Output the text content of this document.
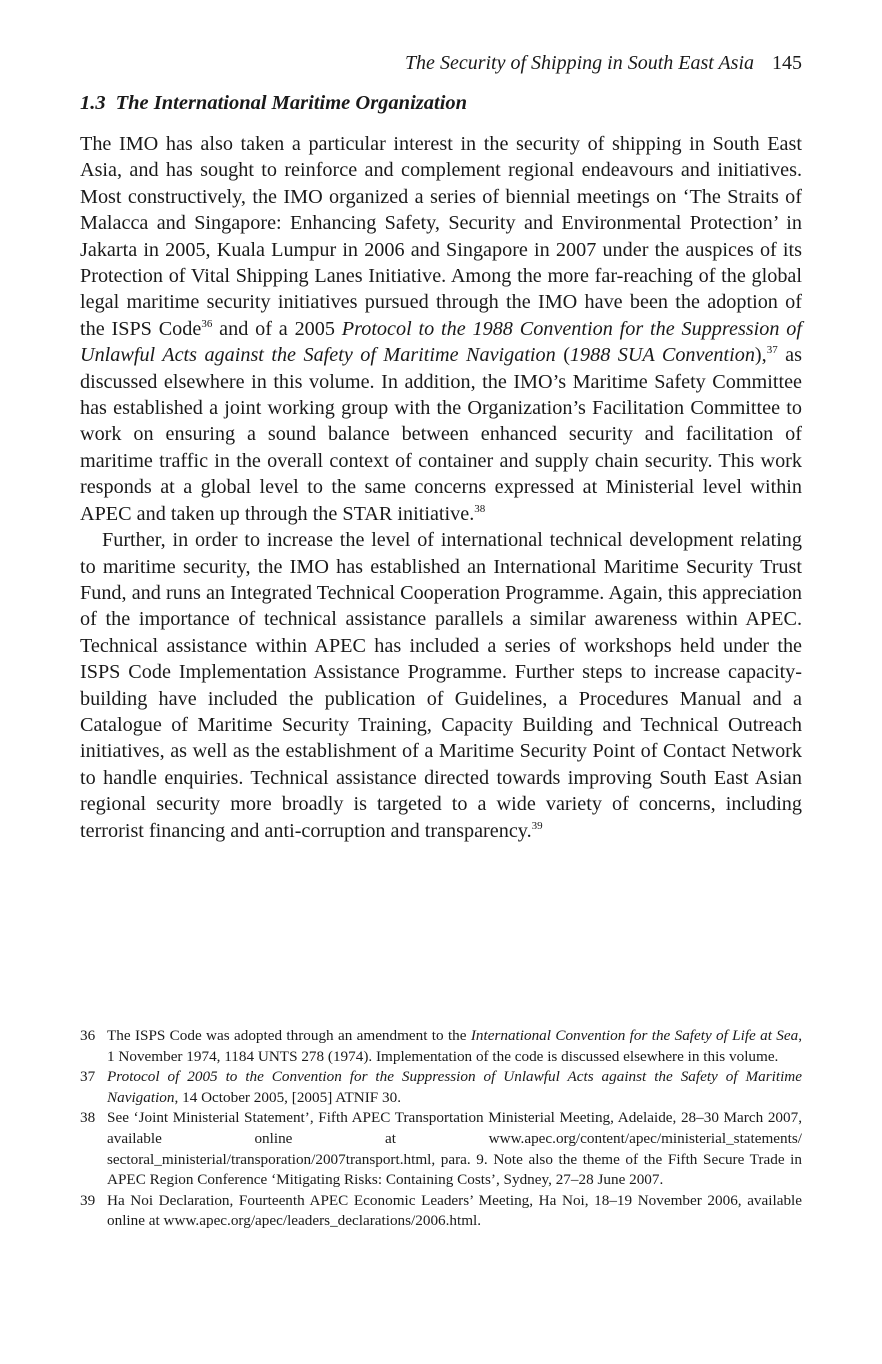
The Security of Shipping in South East Asia 145
1.3 The International Maritime Organization

The IMO has also taken a particular interest in the security of shipping in South East Asia, and has sought to reinforce and complement regional endeavours and initiatives. Most constructively, the IMO organized a series of biennial meetings on ‘The Straits of Malacca and Singapore: Enhancing Safety, Security and Environmental Protection’ in Jakarta in 2005, Kuala Lumpur in 2006 and Singapore in 2007 under the auspices of its Protection of Vital Shipping Lanes Initiative. Among the more far-reaching of the global legal maritime security initiatives pursued through the IMO have been the adoption of the ISPS Code$^{36}$ and of a 2005 Protocol to the 1988 Convention for the Suppression of Unlawful Acts against the Safety of Maritime Navigation (1988 SUA Convention),$^{37}$ as discussed elsewhere in this volume. In addition, the IMO’s Maritime Safety Committee has established a joint working group with the Organization’s Facilitation Committee to work on ensuring a sound balance between enhanced security and facilitation of maritime traffic in the overall context of container and supply chain security. This work responds at a global level to the same concerns expressed at Ministerial level within APEC and taken up through the STAR initiative.$^{38}$

Further, in order to increase the level of international technical development relating to maritime security, the IMO has established an International Maritime Security Trust Fund, and runs an Integrated Technical Cooperation Programme. Again, this appreciation of the importance of technical assistance parallels a similar awareness within APEC. Technical assistance within APEC has included a series of workshops held under the ISPS Code Implementation Assistance Programme. Further steps to increase capacity-building have included the publication of Guidelines, a Procedures Manual and a Catalogue of Maritime Security Training, Capacity Building and Technical Outreach initiatives, as well as the establishment of a Maritime Security Point of Contact Network to handle enquiries. Technical assistance directed towards improving South East Asian regional security more broadly is targeted to a wide variety of concerns, including terrorist financing and anti-corruption and transparency.$^{39}$

36 The ISPS Code was adopted through an amendment to the International Convention for the Safety of Life at Sea, 1 November 1974, 1184 UNTS 278 (1974). Implementation of the code is discussed elsewhere in this volume.
37 Protocol of 2005 to the Convention for the Suppression of Unlawful Acts against the Safety of Maritime Navigation, 14 October 2005, [2005] ATNIF 30.
38 See ‘Joint Ministerial Statement’, Fifth APEC Transportation Ministerial Meeting, Adelaide, 28–30 March 2007, available online at www.apec.org/content/apec/ministerial_statements/ sectoral_ministerial/transporation/2007transport.html, para. 9. Note also the theme of the Fifth Secure Trade in APEC Region Conference ‘Mitigating Risks: Containing Costs’, Sydney, 27–28 June 2007.
39 Ha Noi Declaration, Fourteenth APEC Economic Leaders’ Meeting, Ha Noi, 18–19 November 2006, available online at www.apec.org/apec/leaders_declarations/2006.html.
